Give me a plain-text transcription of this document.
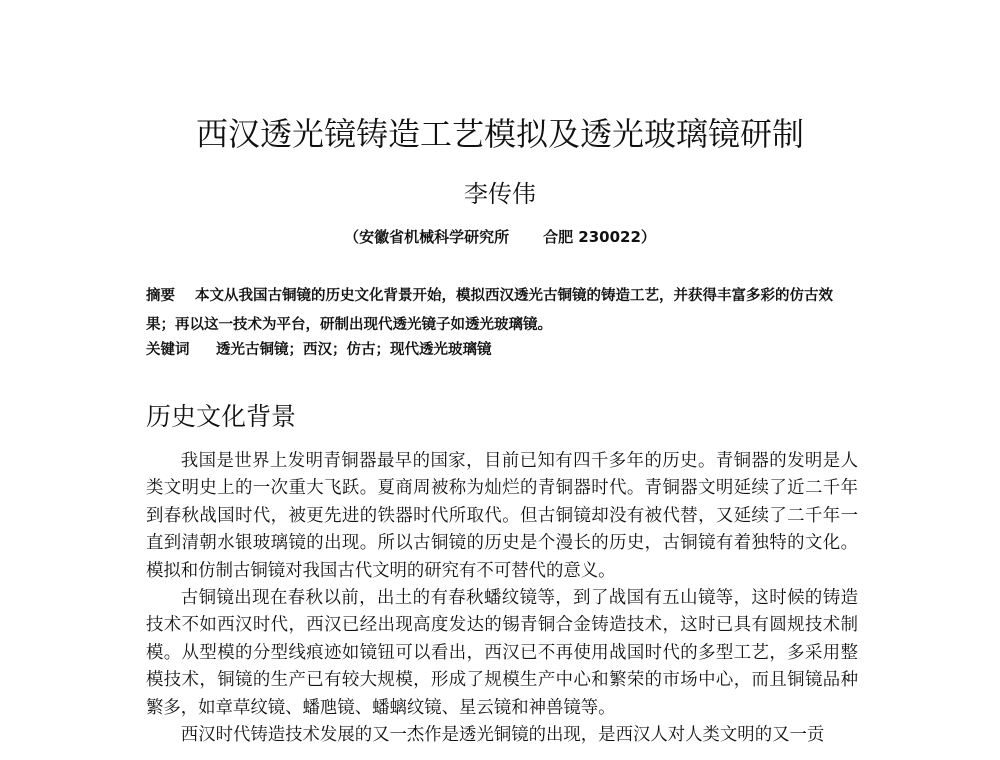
西汉透光镜铸造工艺模拟及透光玻璃镜研制
李传伟
（安徽省机械科学研究所 合肥 230022）
摘要 本文从我国古铜镜的历史文化背景开始，模拟西汉透光古铜镜的铸造工艺，并获得丰富多彩的仿古效果；再以这一技术为平台，研制出现代透光镜子如透光玻璃镜。
关键词 透光古铜镜；西汉；仿古；现代透光玻璃镜
历史文化背景

我国是世界上发明青铜器最早的国家，目前已知有四千多年的历史。青铜器的发明是人类文明史上的一次重大飞跃。夏商周被称为灿烂的青铜器时代。青铜器文明延续了近二千年到春秋战国时代，被更先进的铁器时代所取代。但古铜镜却没有被代替，又延续了二千年一直到清朝水银玻璃镜的出现。所以古铜镜的历史是个漫长的历史，古铜镜有着独特的文化。模拟和仿制古铜镜对我国古代文明的研究有不可替代的意义。

古铜镜出现在春秋以前，出土的有春秋蟠纹镜等，到了战国有五山镜等，这时候的铸造技术不如西汉时代，西汉已经出现高度发达的锡青铜合金铸造技术，这时已具有圆规技术制模。从型模的分型线痕迹如镜钮可以看出，西汉已不再使用战国时代的多型工艺，多采用整模技术，铜镜的生产已有较大规模，形成了规模生产中心和繁荣的市场中心，而且铜镜品种繁多，如章草纹镜、蟠虺镜、蟠螭纹镜、星云镜和神兽镜等。

西汉时代铸造技术发展的又一杰作是透光铜镜的出现，是西汉人对人类文明的又一贡
